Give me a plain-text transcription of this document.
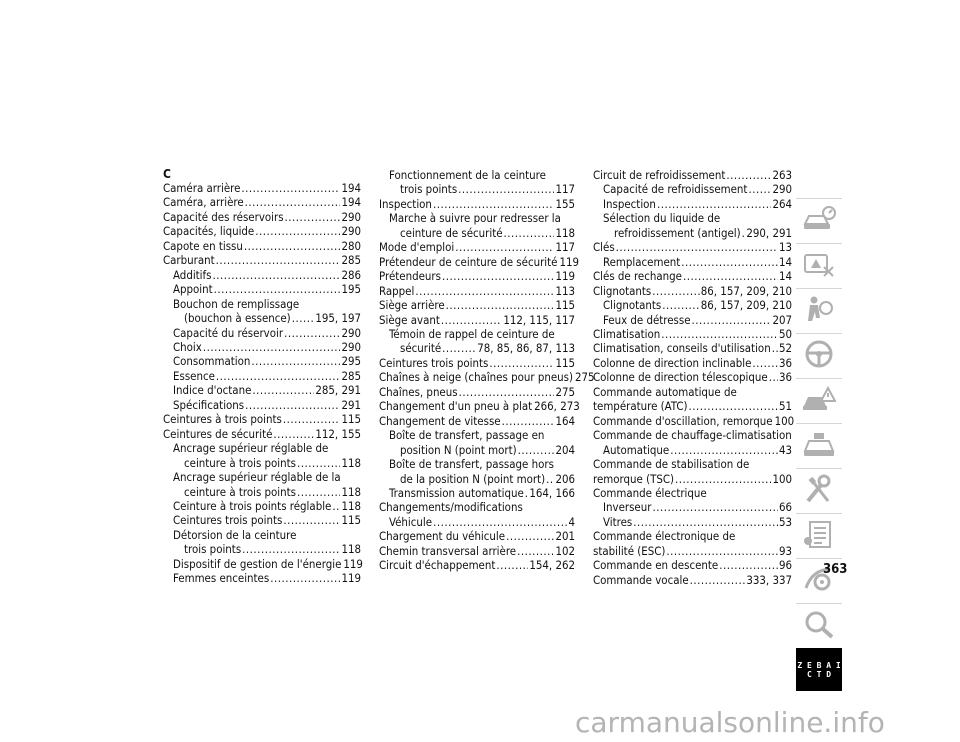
C
Caméra arrière .....	194
Caméra, arrière .....	194
Capacité des réservoirs .....	290
Capacités, liquide .....	290
Capote en tissu .....	280
Carburant .....	285
Additifs .....	286
Appoint .....	195
Bouchon de remplissage
(bouchon à essence) ..... 195, 197
Capacité du réservoir .....	290
Choix .....	290
Consommation .....	295
Essence .....	285
Indice d'octane .....	285, 291
Spécifications .....	291
Ceintures à trois points .....	115
Ceintures de sécurité .....	112, 155
Ancrage supérieur réglable de
ceinture à trois points .....	118
Ancrage supérieur réglable de la
ceinture à trois points .....	118
Ceinture à trois points réglable ..... 118
Ceintures trois points .....	115
Détorsion de la ceinture
trois points .....	118
Dispositif de gestion de l'énergie 119
Femmes enceintes .....	119
Fonctionnement de la ceinture
trois points .....	117
Inspection .....	155
Marche à suivre pour redresser la
ceinture de sécurité .....	118
Mode d'emploi .....	117
Prétendeur de ceinture de sécurité 119
Prétendeurs .....	119
Rappel .....	113
Siège arrière .....	115
Siège avant .....	112, 115, 117
Témoin de rappel de ceinture de
sécurité .....	78, 85, 86, 87, 113
Ceintures trois points .....	115
Chaînes à neige (chaînes pour pneus) 275
Chaînes, pneus .....	275
Changement d'un pneu à plat 266, 273
Changement de vitesse .....	164
Boîte de transfert, passage en
position N (point mort) .....	204
Boîte de transfert, passage hors
de la position N (point mort) ..... 206
Transmission automatique ..... 164, 166
Changements/modifications
Véhicule .....	4
Chargement du véhicule .....	201
Chemin transversal arrière .....	102
Circuit d'échappement .....	154, 262
Circuit de refroidissement .....	263
Capacité de refroidissement ..... 290
Inspection .....	264
Sélection du liquide de
refroidissement (antigel) ..... 290, 291
Clés .....	13
Remplacement .....	14
Clés de rechange .....	14
Clignotants .....	86, 157, 209, 210
Clignotants .....	86, 157, 209, 210
Feux de détresse .....	207
Climatisation .....	50
Climatisation, conseils d'utilisation ..... 52
Colonne de direction inclinable ..... 36
Colonne de direction télescopique ..... 36
Commande automatique de
température (ATC) .....	51
Commande d'oscillation, remorque 100
Commande de chauffage-climatisation
Automatique .....	43
Commande de stabilisation de
remorque (TSC) .....	100
Commande électrique
Inverseur .....	66
Vitres .....	53
Commande électronique de
stabilité (ESC) .....	93
Commande en descente .....	96
Commande vocale .....	333, 337
Z E B A I C T D
363
carmanualsonline.info
